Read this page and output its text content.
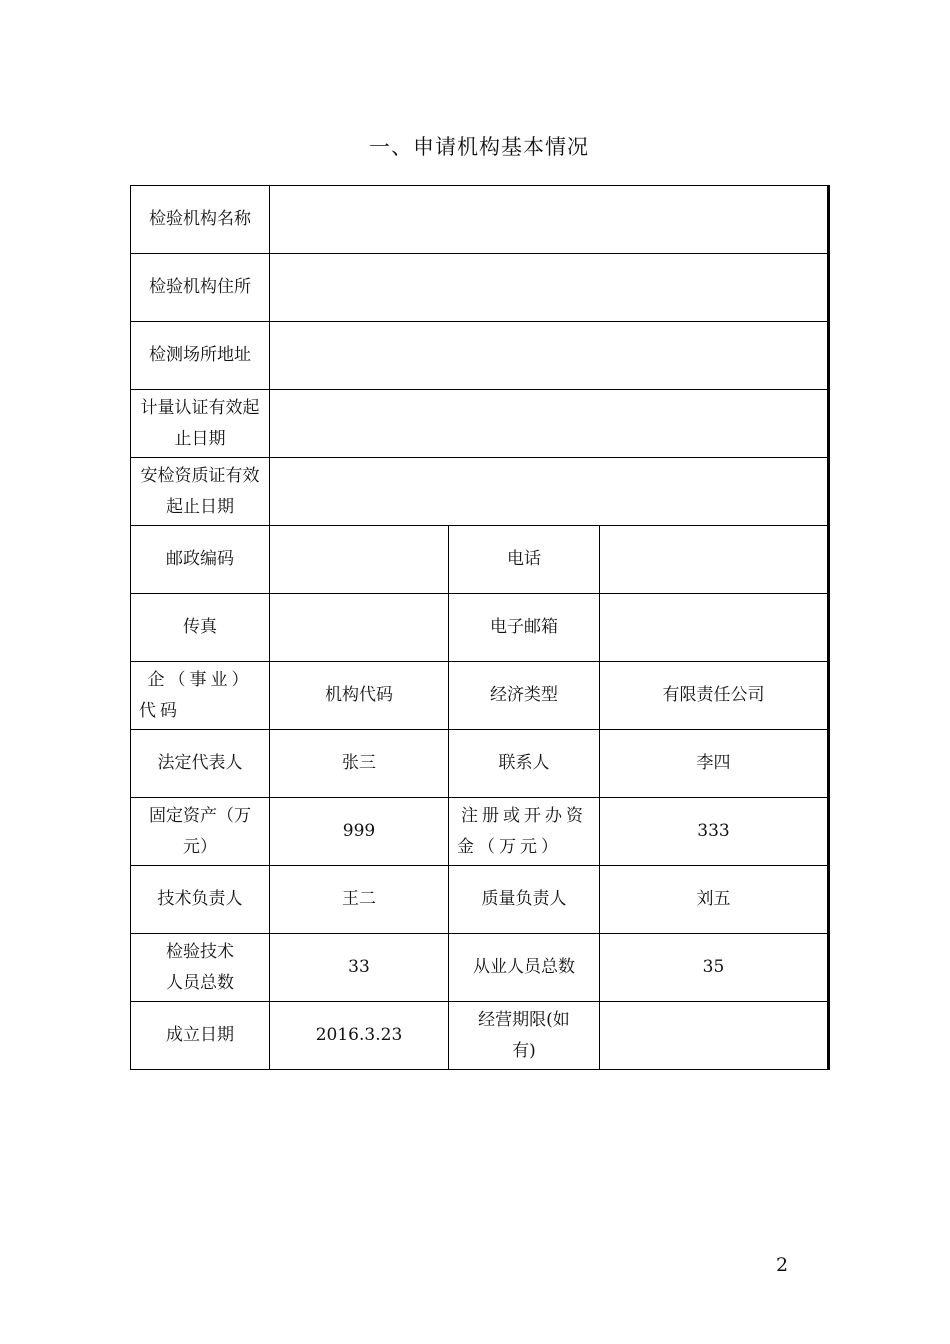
一、申请机构基本情况
检验机构名称			
检验机构住所			
检测场所地址			
计量认证有效起止日期			
安检资质证有效起止日期			
邮政编码		电话	
传真		电子邮箱	
企（事业）代码	机构代码	经济类型	有限责任公司
法定代表人	张三	联系人	李四
固定资产（万元）	999	注册或开办资金（万元）	333
技术负责人	王二	质量负责人	刘五
检验技术人员总数	33	从业人员总数	35
成立日期	2016.3.23	经营期限(如有)	
2
